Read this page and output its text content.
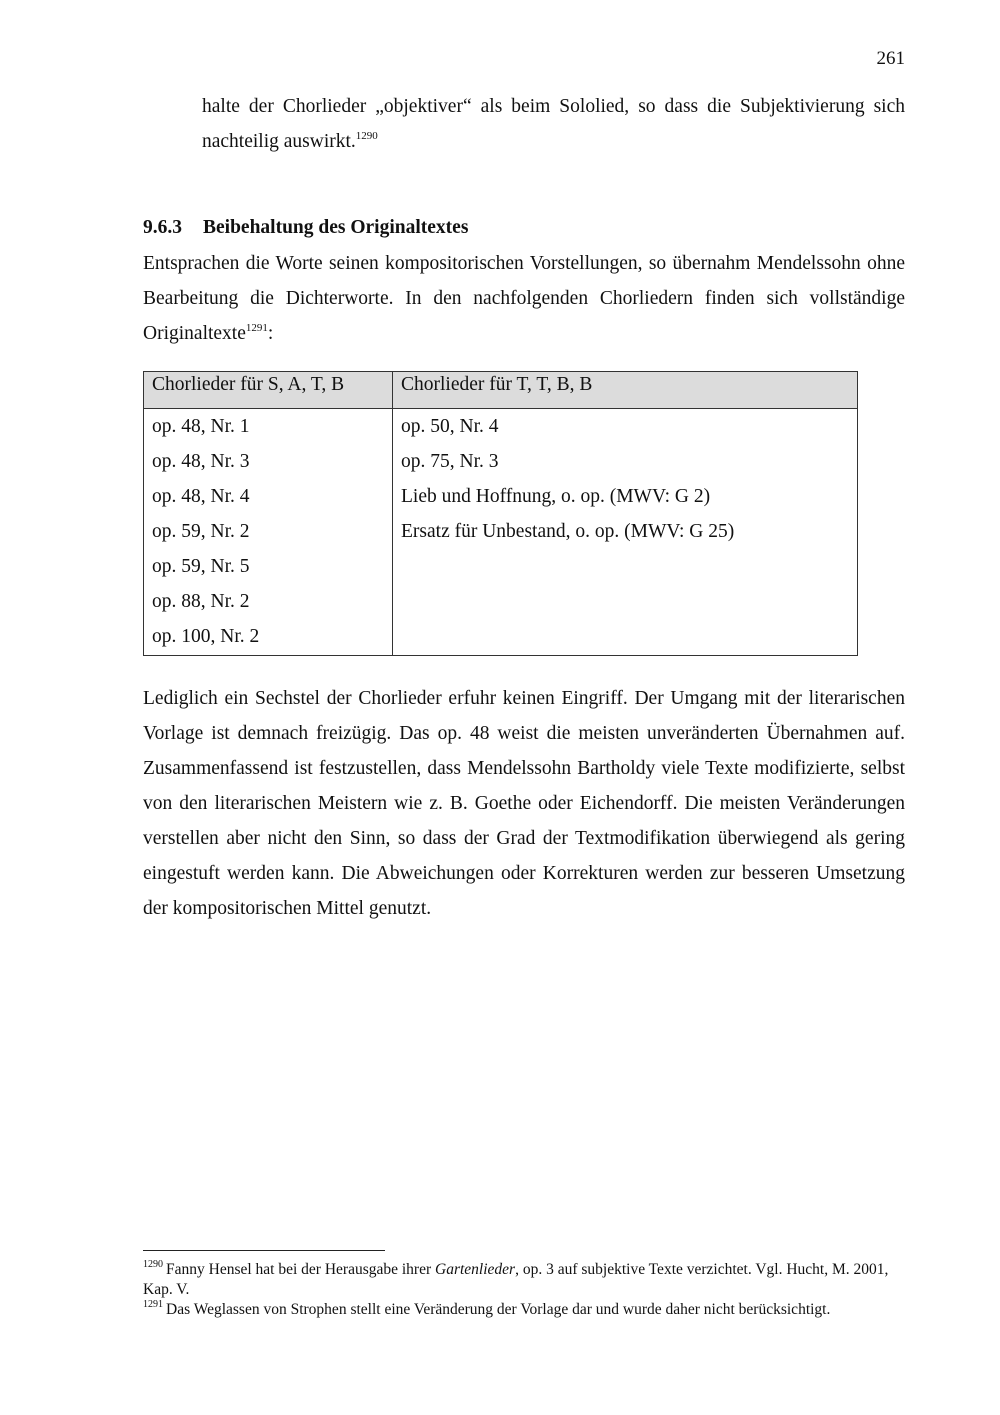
261

halte der Chorlieder „objektiver“ als beim Sololied, so dass die Subjektivierung sich nachteilig auswirkt.$^{1290}$

9.6.3 Beibehaltung des Originaltextes

Entsprachen die Worte seinen kompositorischen Vorstellungen, so übernahm Mendelssohn ohne Bearbeitung die Dichterworte. In den nachfolgenden Chorliedern finden sich vollständige Originaltexte$^{1291}$:

Chorlieder für S, A, T, B	Chorlieder für T, T, B, B
op. 48, Nr. 1	op. 50, Nr. 4
op. 48, Nr. 3	op. 75, Nr. 3
op. 48, Nr. 4	Lieb und Hoffnung, o. op. (MWV: G 2)
op. 59, Nr. 2	Ersatz für Unbestand, o. op. (MWV: G 25)
op. 59, Nr. 5	
op. 88, Nr. 2	
op. 100, Nr. 2	

Lediglich ein Sechstel der Chorlieder erfuhr keinen Eingriff. Der Umgang mit der literarischen Vorlage ist demnach freizügig. Das op. 48 weist die meisten unveränderten Übernahmen auf. Zusammenfassend ist festzustellen, dass Mendelssohn Bartholdy viele Texte modifizierte, selbst von den literarischen Meistern wie z. B. Goethe oder Eichendorff. Die meisten Veränderungen verstellen aber nicht den Sinn, so dass der Grad der Textmodifikation überwiegend als gering eingestuft werden kann. Die Abweichungen oder Korrekturen werden zur besseren Umsetzung der kompositorischen Mittel genutzt.

$^{1290}$ Fanny Hensel hat bei der Herausgabe ihrer Gartenlieder, op. 3 auf subjektive Texte verzichtet. Vgl. Hucht, M. 2001, Kap. V.

$^{1291}$ Das Weglassen von Strophen stellt eine Veränderung der Vorlage dar und wurde daher nicht berücksichtigt.
